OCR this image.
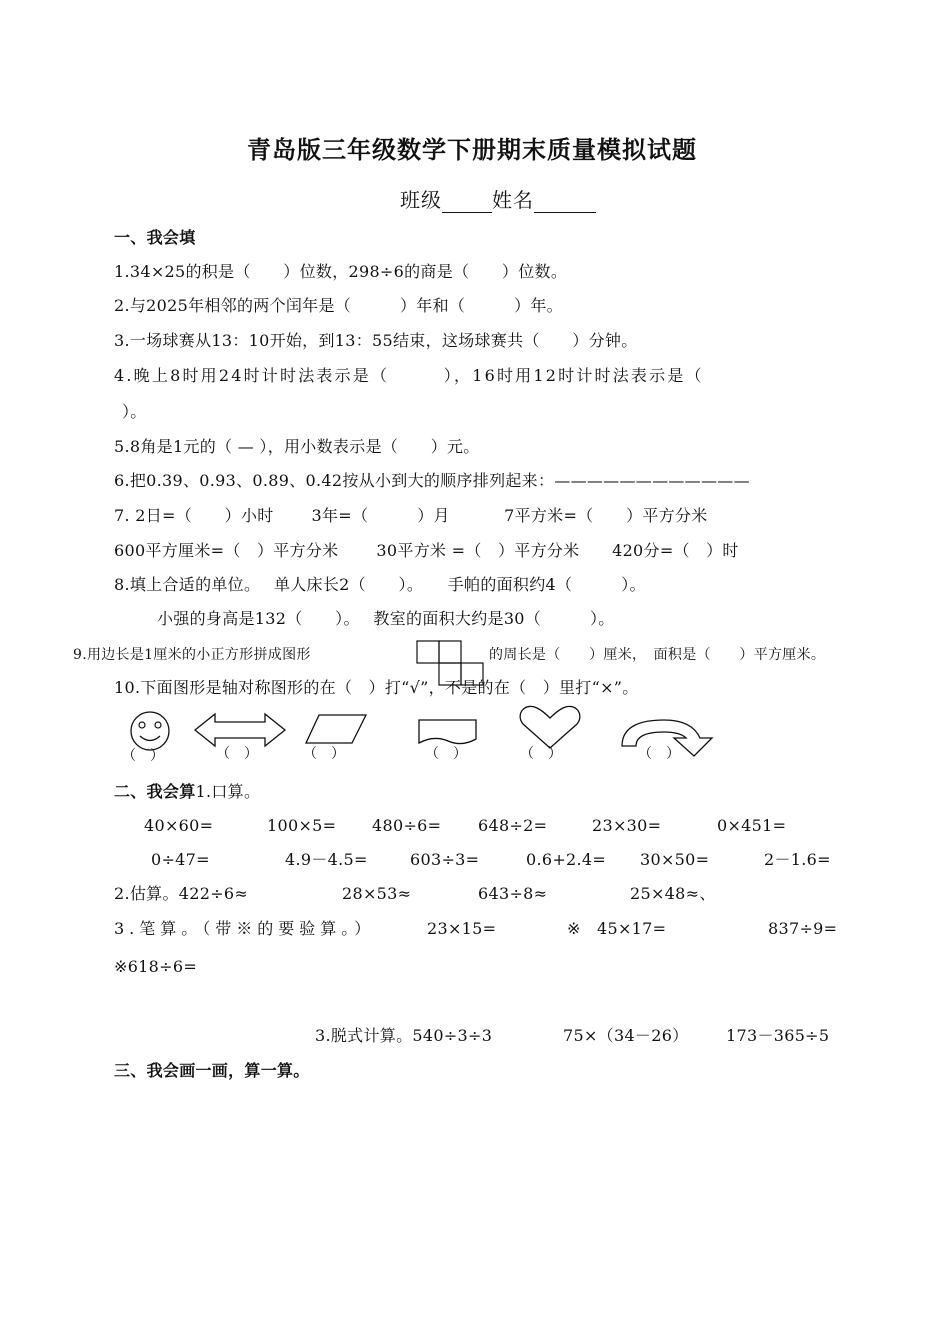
青岛版三年级数学下册期末质量模拟试题
班级	姓名
一、我会填
1.34×25的积是（　　）位数，298÷6的商是（　　）位数。
2.与2025年相邻的两个闰年是（　　　）年和（　　　）年。
3.一场球赛从13：10开始，到13：55结束，这场球赛共（　　）分钟。
4.晚上8时用24时计时法表示是（　　　），16时用12时计时法表示是（
）。
5.8角是1元的（ — ），用小数表示是（　　）元。
6.把0.39、0.93、0.89、0.42按从小到大的顺序排列起来：————————————
7. 2日=（　　）小时　　 3年=（　　　）月　　　 7平方米=（　　）平方分米
600平方厘米=（　）平方分米　　 30平方米 =（　）平方分米　　420分=（　）时
8.填上合适的单位。　 单人床长2（　　）。　　手帕的面积约4（　　　）。
小强的身高是132（　　）。　 教室的面积大约是30（　　　）。
9.用边长是1厘米的小正方形拼成图形	的周长是（　　）厘米，　面积是（　　）平方厘米。
10.下面图形是轴对称图形的在（　）打“√”，不是的在（　）里打“×”。
（　）	（　）	（　）	（　）	（　）	（　）
二、我会算1.口算。
40×60=	100×5= 480÷6= 648÷2=	23×30=	0×451=
0÷47=	4.9－4.5=	603÷3=	0.6+2.4= 30×50=	2－1.6=
2.估算。422÷6≈	28×53≈	643÷8≈	25×48≈、
3.笔算。（带※的要验算。）	23×15=	※　45×17=	837÷9=
※618÷6=
3.脱式计算。540÷3÷3	75×（34－26） 173－365÷5
三、我会画一画，算一算。
